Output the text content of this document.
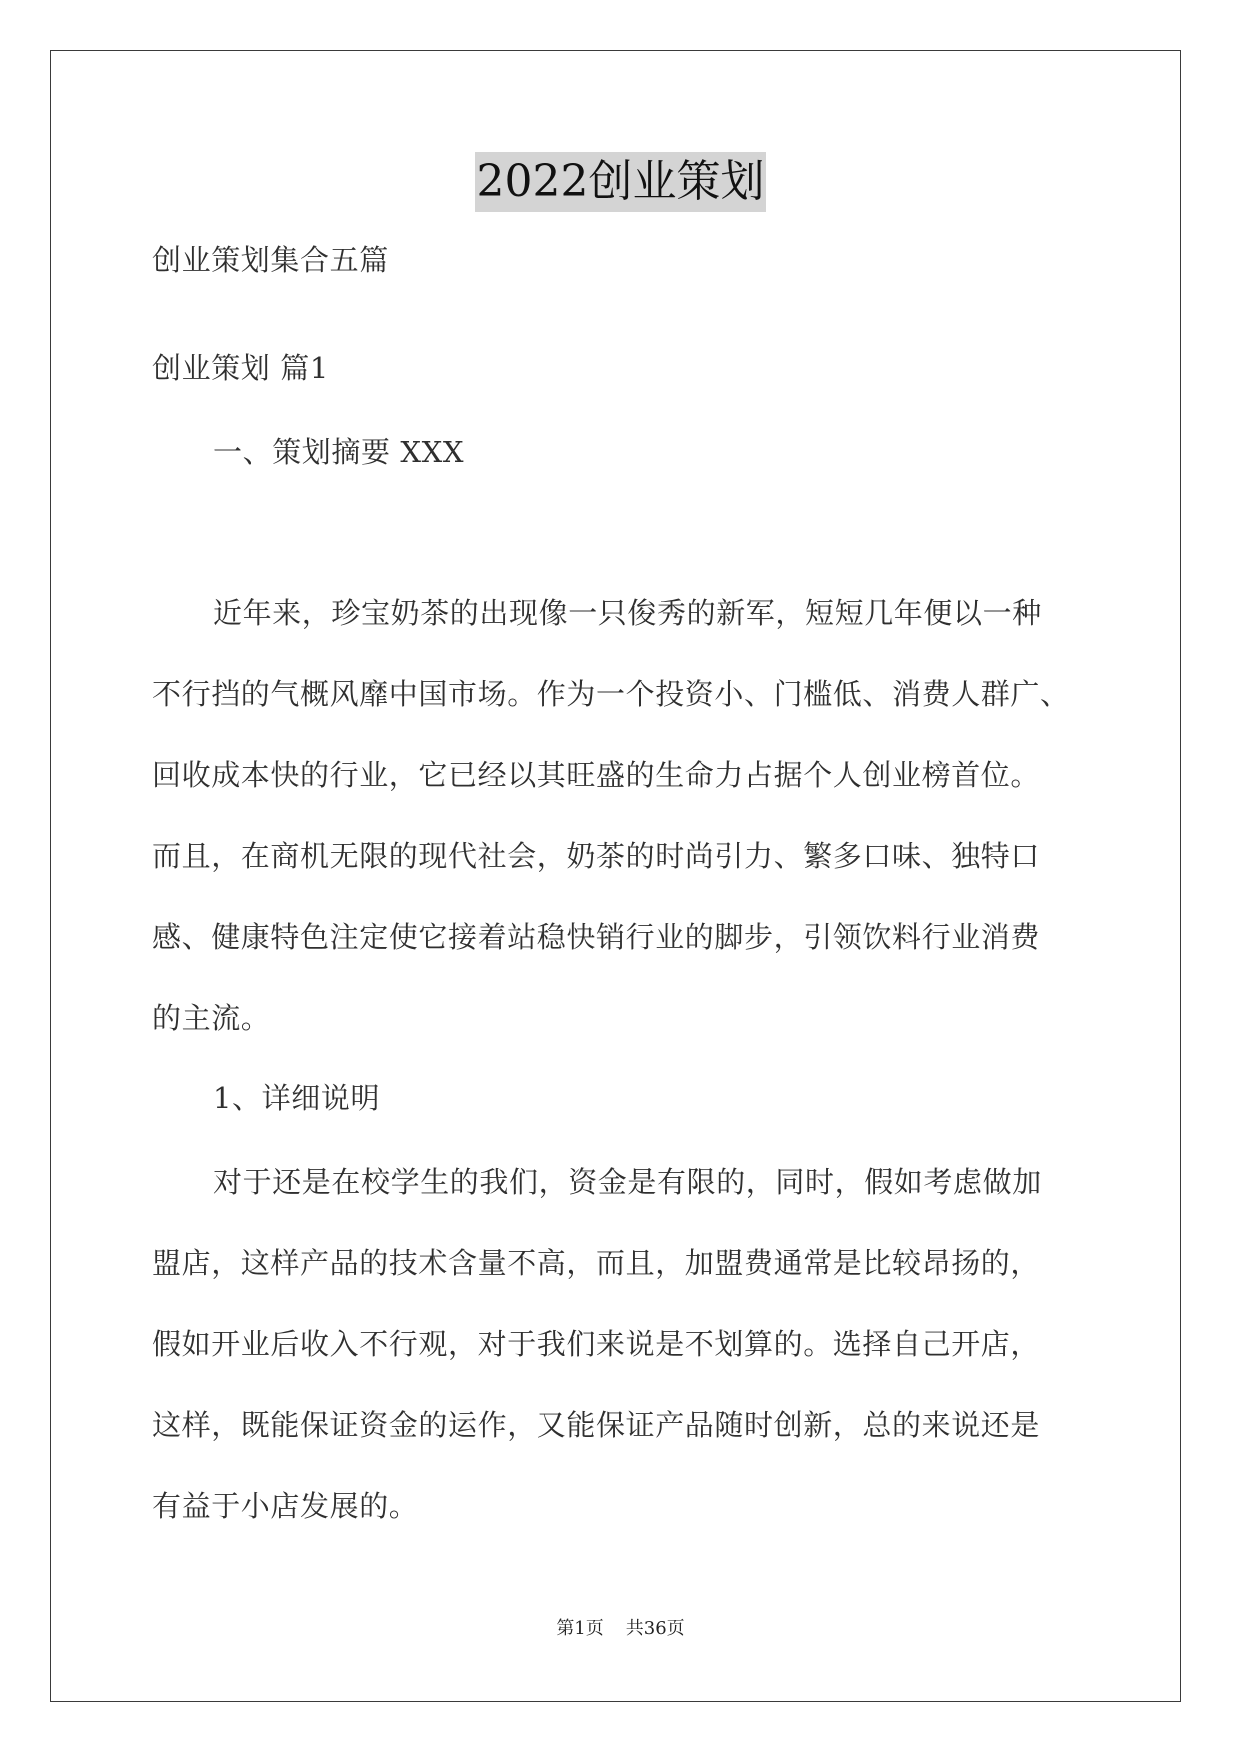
2022创业策划
创业策划集合五篇
创业策划 篇1
一、策划摘要 XXX
近年来，珍宝奶茶的出现像一只俊秀的新军，短短几年便以一种
不行挡的气概风靡中国市场。作为一个投资小、门槛低、消费人群广、
回收成本快的行业，它已经以其旺盛的生命力占据个人创业榜首位。
而且，在商机无限的现代社会，奶茶的时尚引力、繁多口味、独特口
感、健康特色注定使它接着站稳快销行业的脚步，引领饮料行业消费
的主流。
1、详细说明
对于还是在校学生的我们，资金是有限的，同时，假如考虑做加
盟店，这样产品的技术含量不高，而且，加盟费通常是比较昂扬的，
假如开业后收入不行观，对于我们来说是不划算的。选择自己开店，
这样，既能保证资金的运作，又能保证产品随时创新，总的来说还是
有益于小店发展的。
第1页 共36页
